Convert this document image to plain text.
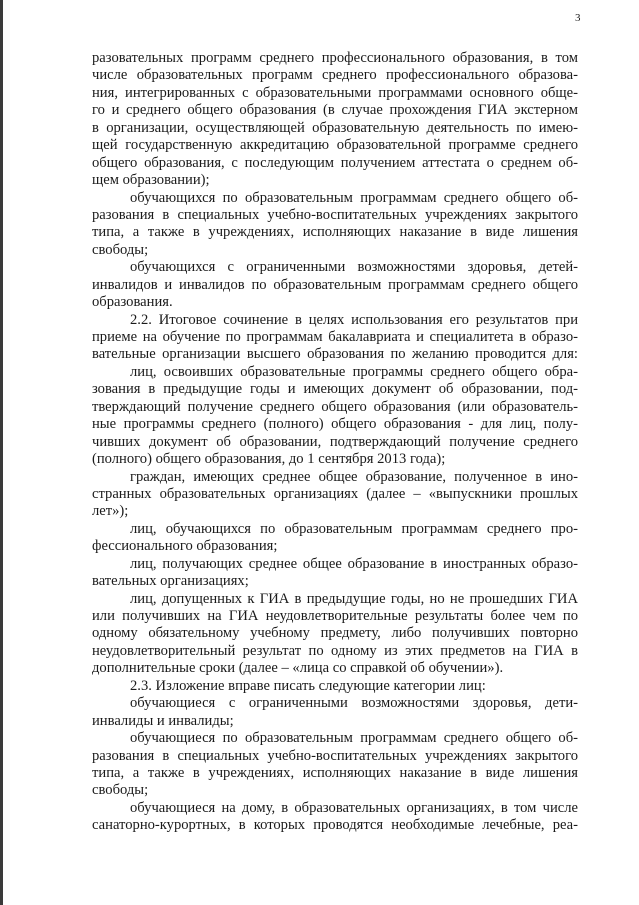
3
разовательных программ среднего профессионального образования, в том
числе образовательных программ среднего профессионального образова-
ния, интегрированных с образовательными программами основного обще-
го и среднего общего образования (в случае прохождения ГИА экстерном
в организации, осуществляющей образовательную деятельность по имею-
щей государственную аккредитацию образовательной программе среднего
общего образования, с последующим получением аттестата о среднем об-
щем образовании);
обучающихся по образовательным программам среднего общего об-
разования в специальных учебно-воспитательных учреждениях закрытого
типа, а также в учреждениях, исполняющих наказание в виде лишения
свободы;
обучающихся с ограниченными возможностями здоровья, детей-
инвалидов и инвалидов по образовательным программам среднего общего
образования.
2.2. Итоговое сочинение в целях использования его результатов при
приеме на обучение по программам бакалавриата и специалитета в образо-
вательные организации высшего образования по желанию проводится для:
лиц, освоивших образовательные программы среднего общего обра-
зования в предыдущие годы и имеющих документ об образовании, под-
тверждающий получение среднего общего образования (или образователь-
ные программы среднего (полного) общего образования - для лиц, полу-
чивших документ об образовании, подтверждающий получение среднего
(полного) общего образования, до 1 сентября 2013 года);
граждан, имеющих среднее общее образование, полученное в ино-
странных образовательных организациях (далее – «выпускники прошлых
лет»);
лиц, обучающихся по образовательным программам среднего про-
фессионального образования;
лиц, получающих среднее общее образование в иностранных образо-
вательных организациях;
лиц, допущенных к ГИА в предыдущие годы, но не прошедших ГИА
или получивших на ГИА неудовлетворительные результаты более чем по
одному обязательному учебному предмету, либо получивших повторно
неудовлетворительный результат по одному из этих предметов на ГИА в
дополнительные сроки (далее – «лица со справкой об обучении»).
2.3. Изложение вправе писать следующие категории лиц:
обучающиеся с ограниченными возможностями здоровья, дети-
инвалиды и инвалиды;
обучающиеся по образовательным программам среднего общего об-
разования в специальных учебно-воспитательных учреждениях закрытого
типа, а также в учреждениях, исполняющих наказание в виде лишения
свободы;
обучающиеся на дому, в образовательных организациях, в том числе
санаторно-курортных, в которых проводятся необходимые лечебные, реа-
